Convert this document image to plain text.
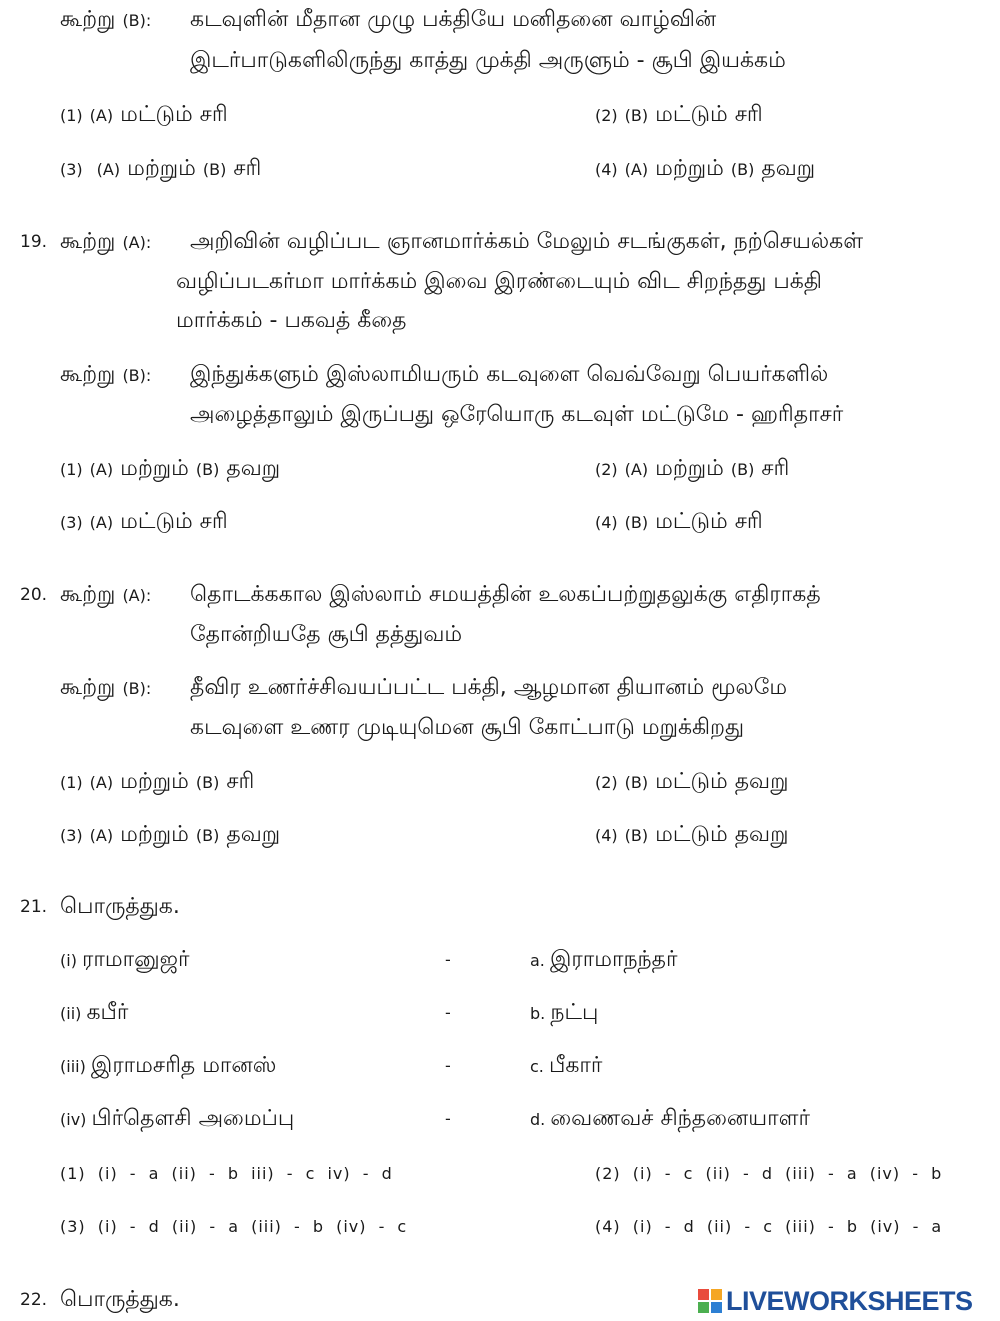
கூற்று (B): கடவுளின் மீதான முழு பக்தியே மனிதனை வாழ்வின்
இடர்பாடுகளிலிருந்து காத்து முக்தி அருளும் - சூபி இயக்கம்
(1) (A) மட்டும் சரி	(2) (B) மட்டும் சரி
(3) (A) மற்றும் (B) சரி	(4) (A) மற்றும் (B) தவறு
19. கூற்று (A): அறிவின் வழிப்பட ஞானமார்க்கம் மேலும் சடங்குகள், நற்செயல்கள்
வழிப்படகர்மா மார்க்கம் இவை இரண்டையும் விட சிறந்தது பக்தி
மார்க்கம் - பகவத் கீதை
கூற்று (B): இந்துக்களும் இஸ்லாமியரும் கடவுளை வெவ்வேறு பெயர்களில்
அழைத்தாலும் இருப்பது ஒரேயொரு கடவுள் மட்டுமே - ஹரிதாசர்
(1) (A) மற்றும் (B) தவறு	(2) (A) மற்றும் (B) சரி
(3) (A) மட்டும் சரி	(4) (B) மட்டும் சரி
20. கூற்று (A): தொடக்ககால இஸ்லாம் சமயத்தின் உலகப்பற்றுதலுக்கு எதிராகத்
தோன்றியதே சூபி தத்துவம்
கூற்று (B): தீவிர உணர்ச்சிவயப்பட்ட பக்தி, ஆழமான தியானம் மூலமே
கடவுளை உணர முடியுமென சூபி கோட்பாடு மறுக்கிறது
(1) (A) மற்றும் (B) சரி	(2) (B) மட்டும் தவறு
(3) (A) மற்றும் (B) தவறு	(4) (B) மட்டும் தவறு
21. பொருத்துக.
(i) ராமானுஜர்	-	a. இராமாநந்தர்
(ii) கபீர்	-	b. நட்பு
(iii) இராமசரித மானஸ்	-	c. பீகார்
(iv) பிர்தௌசி அமைப்பு	-	d. வைணவச் சிந்தனையாளர்
(1) (i) - a (ii) - b iii) - c iv) - d	(2) (i) - c (ii) - d (iii) - a (iv) - b
(3) (i) - d (ii) - a (iii) - b (iv) - c	(4) (i) - d (ii) - c (iii) - b (iv) - a
22. பொருத்துக.	LIVEWORKSHEETS
